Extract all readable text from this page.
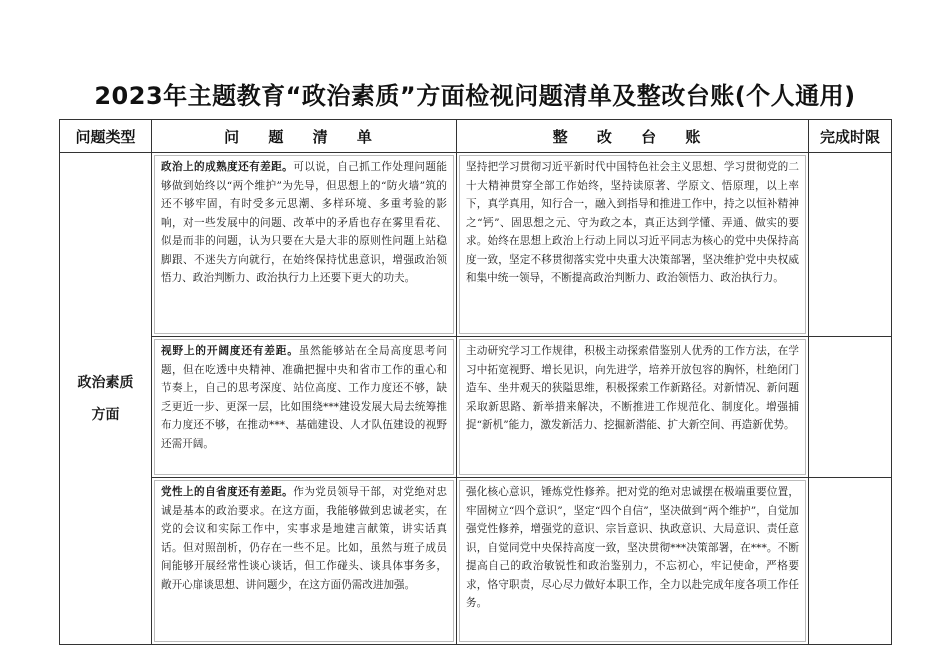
2023年主题教育“政治素质”方面检视问题清单及整改台账(个人通用)
问题类型	问 题 清 单	整 改 台 账	完成时限

政治素质
方面	政治上的成熟度还有差距。可以说，自己抓工作处理问题能够做到始终以“两个维护”为先导，但思想上的“防火墙”筑的还不够牢固，有时受多元思潮、多样环境、多重考验的影响，对一些发展中的问题、改革中的矛盾也存在雾里看花、似是而非的问题，认为只要在大是大非的原则性问题上站稳脚跟、不迷失方向就行，在始终保持忧患意识，增强政治领悟力、政治判断力、政治执行力上还要下更大的功夫。	坚持把学习贯彻习近平新时代中国特色社会主义思想、学习贯彻党的二十大精神贯穿全部工作始终，坚持读原著、学原文、悟原理，以上率下，真学真用，知行合一，融入到指导和推进工作中，持之以恒补精神之“钙”、固思想之元、守为政之本，真正达到学懂、弄通、做实的要求。始终在思想上政治上行动上同以习近平同志为核心的党中央保持高度一致，坚定不移贯彻落实党中央重大决策部署，坚决维护党中央权威和集中统一领导，不断提高政治判断力、政治领悟力、政治执行力。	

	视野上的开阔度还有差距。虽然能够站在全局高度思考问题，但在吃透中央精神、准确把握中央和省市工作的重心和节奏上，自己的思考深度、站位高度、工作力度还不够，缺乏更近一步、更深一层，比如围绕***建设发展大局去统筹推布力度还不够，在推动***、基础建设、人才队伍建设的视野还需开阔。	主动研究学习工作规律，积极主动探索借鉴别人优秀的工作方法，在学习中拓宽视野、增长见识，向先进学，培养开放包容的胸怀，杜绝闭门造车、坐井观天的狭隘思维，积极探索工作新路径。对新情况、新问题采取新思路、新举措来解决，不断推进工作规范化、制度化。增强捕捉“新机”能力，激发新活力、挖掘新潜能、扩大新空间、再造新优势。	

	党性上的自省度还有差距。作为党员领导干部，对党绝对忠诚是基本的政治要求。在这方面，我能够做到忠诚老实，在党的会议和实际工作中，实事求是地建言献策，讲实话真话。但对照剖析，仍存在一些不足。比如，虽然与班子成员间能够开展经常性谈心谈话，但工作碰头、谈具体事务多，敞开心扉谈思想、讲问题少，在这方面仍需改进加强。	强化核心意识，锤炼党性修养。把对党的绝对忠诚摆在极端重要位置，牢固树立“四个意识”，坚定“四个自信”，坚决做到“两个维护”，自觉加强党性修养，增强党的意识、宗旨意识、执政意识、大局意识、责任意识，自觉同党中央保持高度一致，坚决贯彻***决策部署，在***。不断提高自己的政治敏锐性和政治鉴别力，不忘初心，牢记使命，严格要求，恪守职责，尽心尽力做好本职工作，全力以赴完成年度各项工作任务。	
